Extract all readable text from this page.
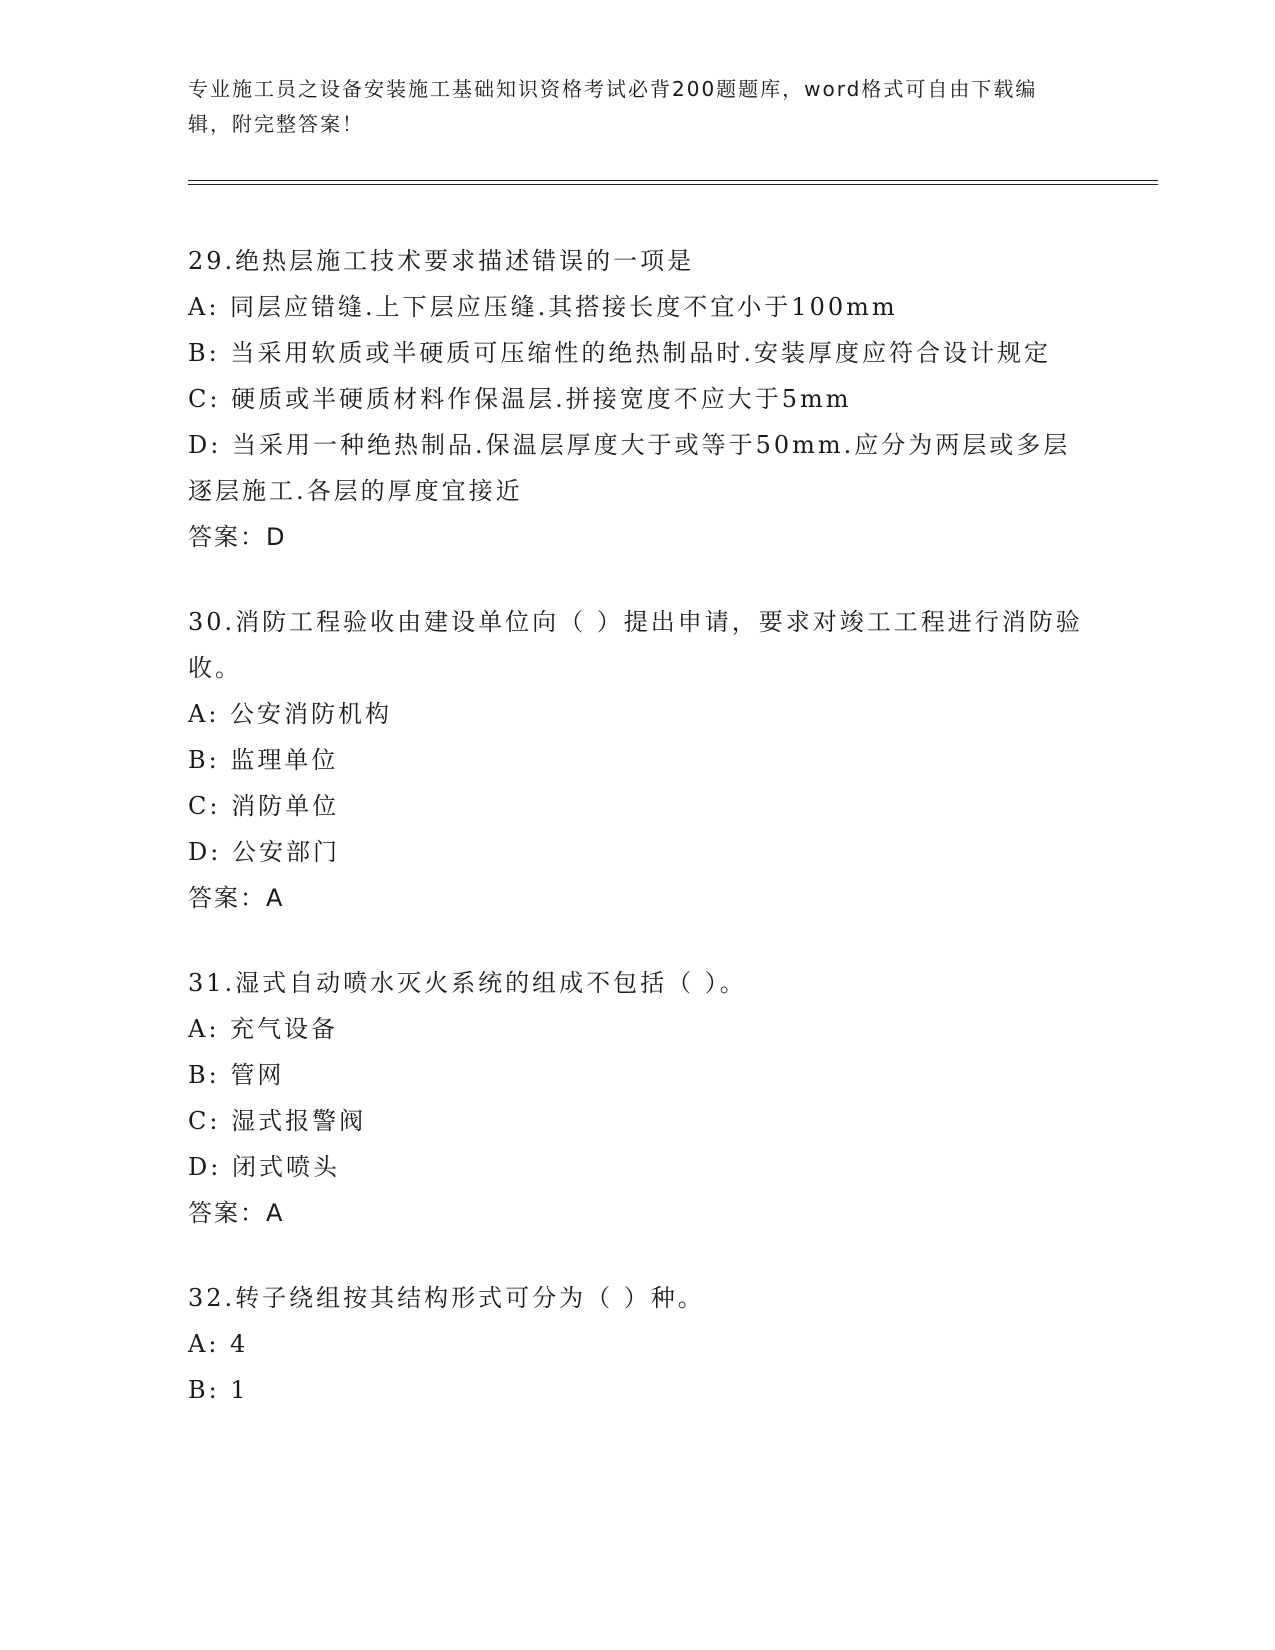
专业施工员之设备安装施工基础知识资格考试必背200题题库，word格式可自由下载编辑，附完整答案！

29.绝热层施工技术要求描述错误的一项是

A: 同层应错缝.上下层应压缝.其搭接长度不宜小于100mm

B: 当采用软质或半硬质可压缩性的绝热制品时.安装厚度应符合设计规定

C: 硬质或半硬质材料作保温层.拼接宽度不应大于5mm

D: 当采用一种绝热制品.保温层厚度大于或等于50mm.应分为两层或多层逐层施工.各层的厚度宜接近

答案：D

30.消防工程验收由建设单位向（ ）提出申请，要求对竣工工程进行消防验收。

A: 公安消防机构

B: 监理单位

C: 消防单位

D: 公安部门

答案：A

31.湿式自动喷水灭火系统的组成不包括（ ）。

A: 充气设备

B: 管网

C: 湿式报警阀

D: 闭式喷头

答案：A

32.转子绕组按其结构形式可分为（ ）种。

A: 4

B: 1
